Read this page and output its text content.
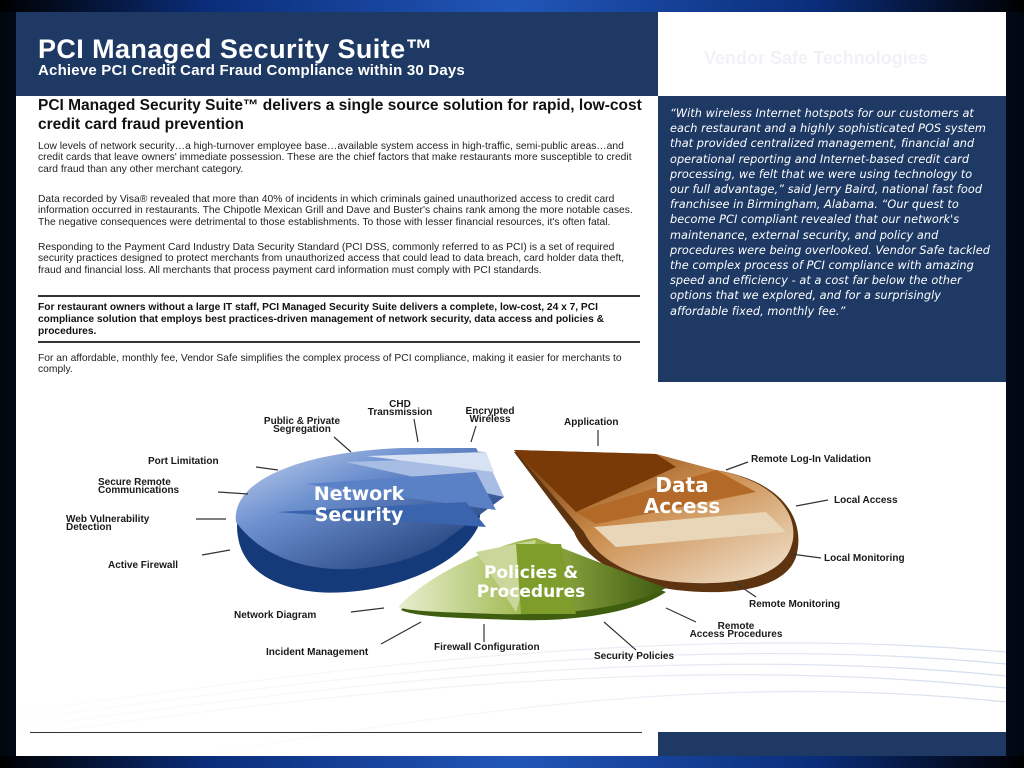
PCI Managed Security Suite™
Achieve PCI Credit Card Fraud Compliance within 30 Days
Vendor Safe Technologies
“With wireless Internet hotspots for our customers at each restaurant and a highly sophisticated POS system that provided centralized management, financial and operational reporting and Internet-based credit card processing, we felt that we were using technology to our full advantage,” said Jerry Baird, national fast food franchisee in Birmingham, Alabama. “Our quest to become PCI compliant revealed that our network's maintenance, external security, and policy and procedures were being overlooked. Vendor Safe tackled the complex process of PCI compliance with amazing speed and efficiency - at a cost far below the other options that we explored, and for a surprisingly affordable fixed, monthly fee.”
PCI Managed Security Suite™ delivers a single source solution for rapid, low-cost credit card fraud prevention
Low levels of network security…a high-turnover employee base…available system access in high-traffic, semi-public areas…and credit cards that leave owners' immediate possession. These are the chief factors that make restaurants more susceptible to credit card fraud than any other merchant category.
Data recorded by Visa® revealed that more than 40% of incidents in which criminals gained unauthorized access to credit card information occurred in restaurants. The Chipotle Mexican Grill and Dave and Buster's chains rank among the more notable cases. The negative consequences were detrimental to those establishments. To those with lesser financial resources, it's often fatal.
Responding to the Payment Card Industry Data Security Standard (PCI DSS, commonly referred to as PCI) is a set of required security practices designed to protect merchants from unauthorized access that could lead to data breach, card holder data theft, fraud and financial loss. All merchants that process payment card information must comply with PCI standards.
For restaurant owners without a large IT staff, PCI Managed Security Suite delivers a complete, low-cost, 24 x 7, PCI compliance solution that employs best practices-driven management of network security, data access and policies & procedures.
For an affordable, monthly fee, Vendor Safe simplifies the complex process of PCI compliance, making it easier for merchants to comply.
Network
Security
Data
Access
Policies &
Procedures
CHD
Transmission	Encrypted
Wireless
Public & Private
Segregation
Port Limitation
Secure Remote
Communications
Web Vulnerability
Detection
Active Firewall
Application
Remote Log-In Validation
Local Access
Local Monitoring
Remote Monitoring
Remote
Access Procedures
Security Policies
Firewall Configuration
Incident Management
Network Diagram
